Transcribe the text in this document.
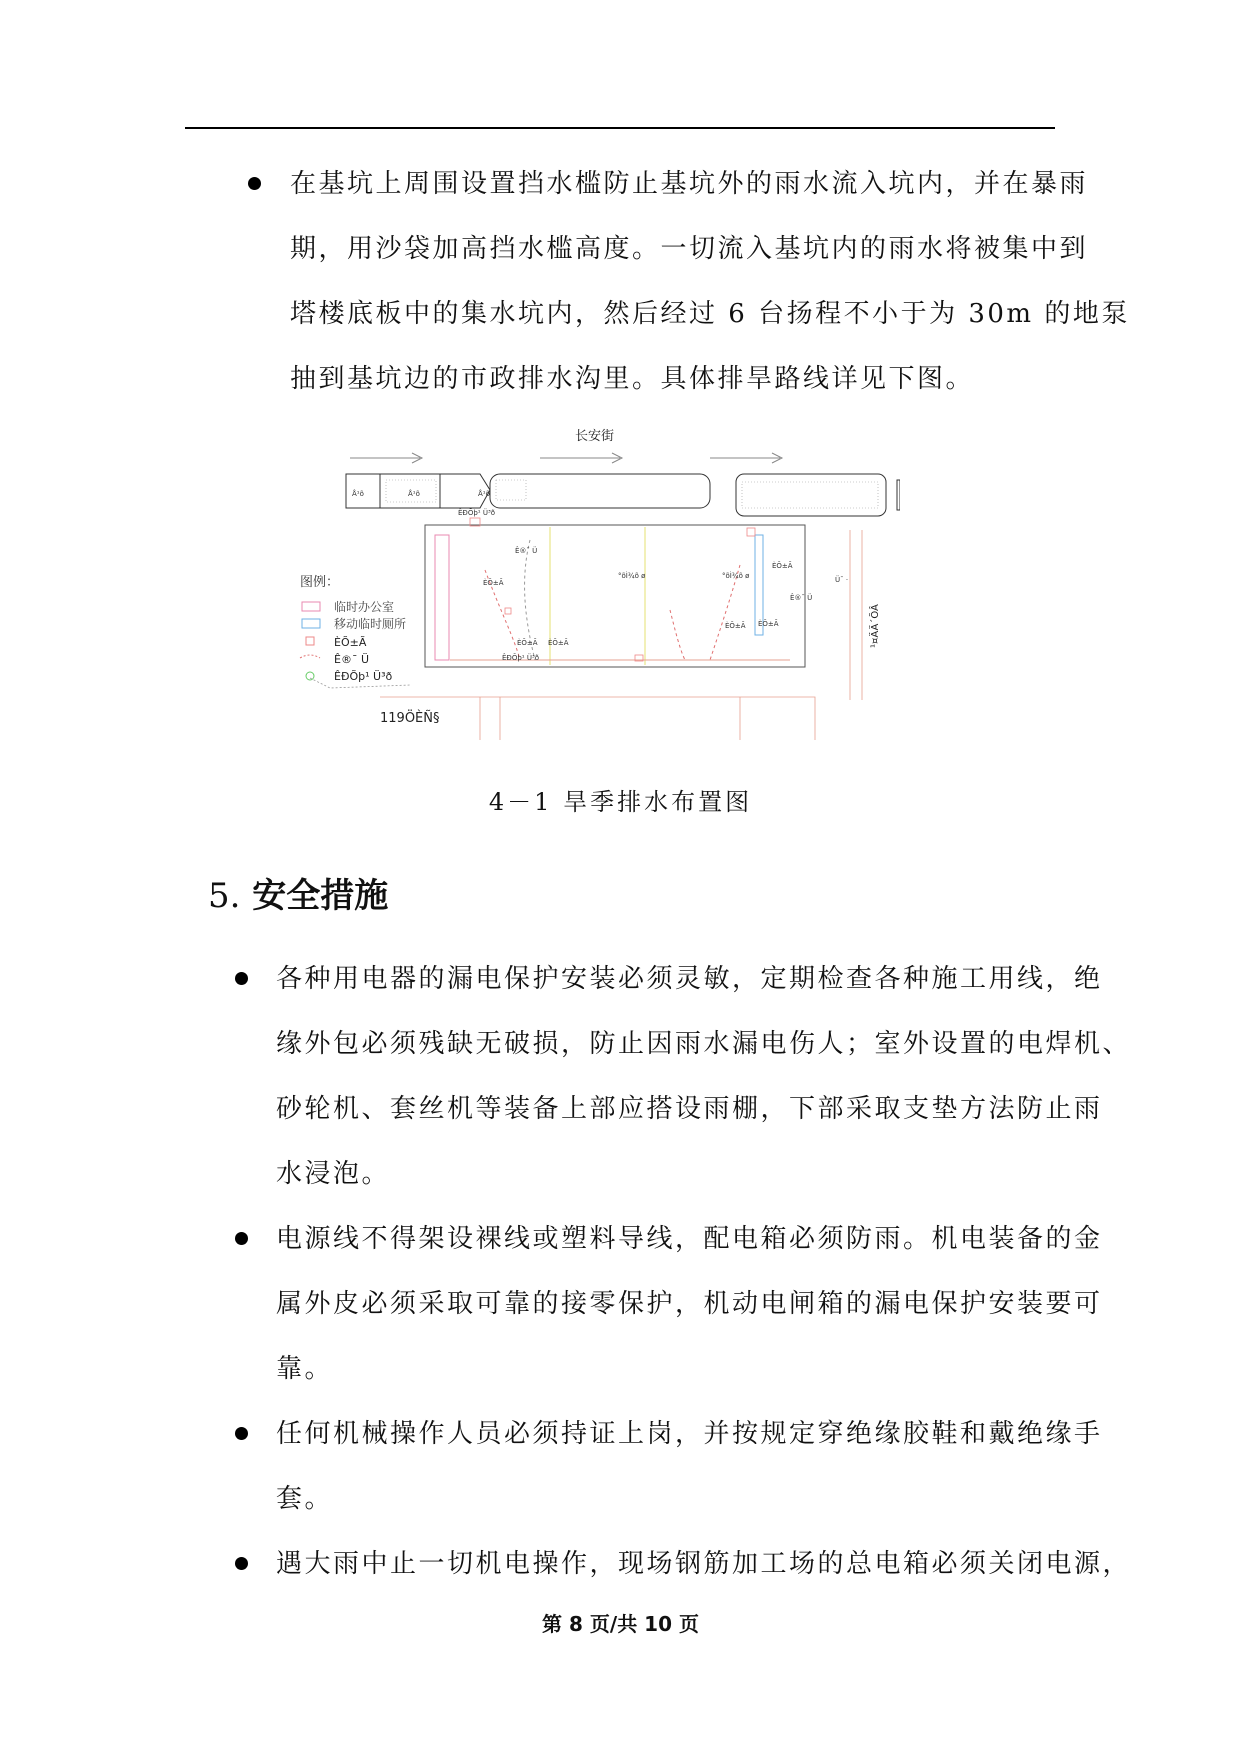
在基坑上周围设置挡水槛防止基坑外的雨水流入坑内，并在暴雨
期，用沙袋加高挡水槛高度。一切流入基坑内的雨水将被集中到
塔楼底板中的集水坑内，然后经过 6 台扬程不小于为 30m 的地泵
抽到基坑边的市政排水沟里。具体排旱路线详见下图。
长安街
Å¹õ	Å¹õ	Å¹õ
ÊÐÕþ¹ Ü³ð
Ê®¯ Ü
ÈÕ±Ã
°õÌ¾õ ø	°õÌ¾õ ø
ÈÕ±Ã
Ê®¯ Ü
Ü¯ ·
ÈÕ±Ã ÈÕ±Ã
ÈÕ±Ã ÈÕ±Ã
ÊÐÕþ¹ Ü³ð
¹¤ÄÄ´ÕÂ
119ÖÈÑ§
图例：
临时办公室
移动临时厕所
ÈÕ±Ã
Ê®¯ Ü
ÊÐÕþ¹ Ü³ð
4－1 旱季排水布置图
5. 安全措施
各种用电器的漏电保护安装必须灵敏，定期检查各种施工用线，绝
缘外包必须残缺无破损，防止因雨水漏电伤人；室外设置的电焊机、
砂轮机、套丝机等装备上部应搭设雨棚，下部采取支垫方法防止雨
水浸泡。
电源线不得架设裸线或塑料导线，配电箱必须防雨。机电装备的金
属外皮必须采取可靠的接零保护，机动电闸箱的漏电保护安装要可
靠。
任何机械操作人员必须持证上岗，并按规定穿绝缘胶鞋和戴绝缘手
套。
遇大雨中止一切机电操作，现场钢筋加工场的总电箱必须关闭电源，
第 8 页/共 10 页
